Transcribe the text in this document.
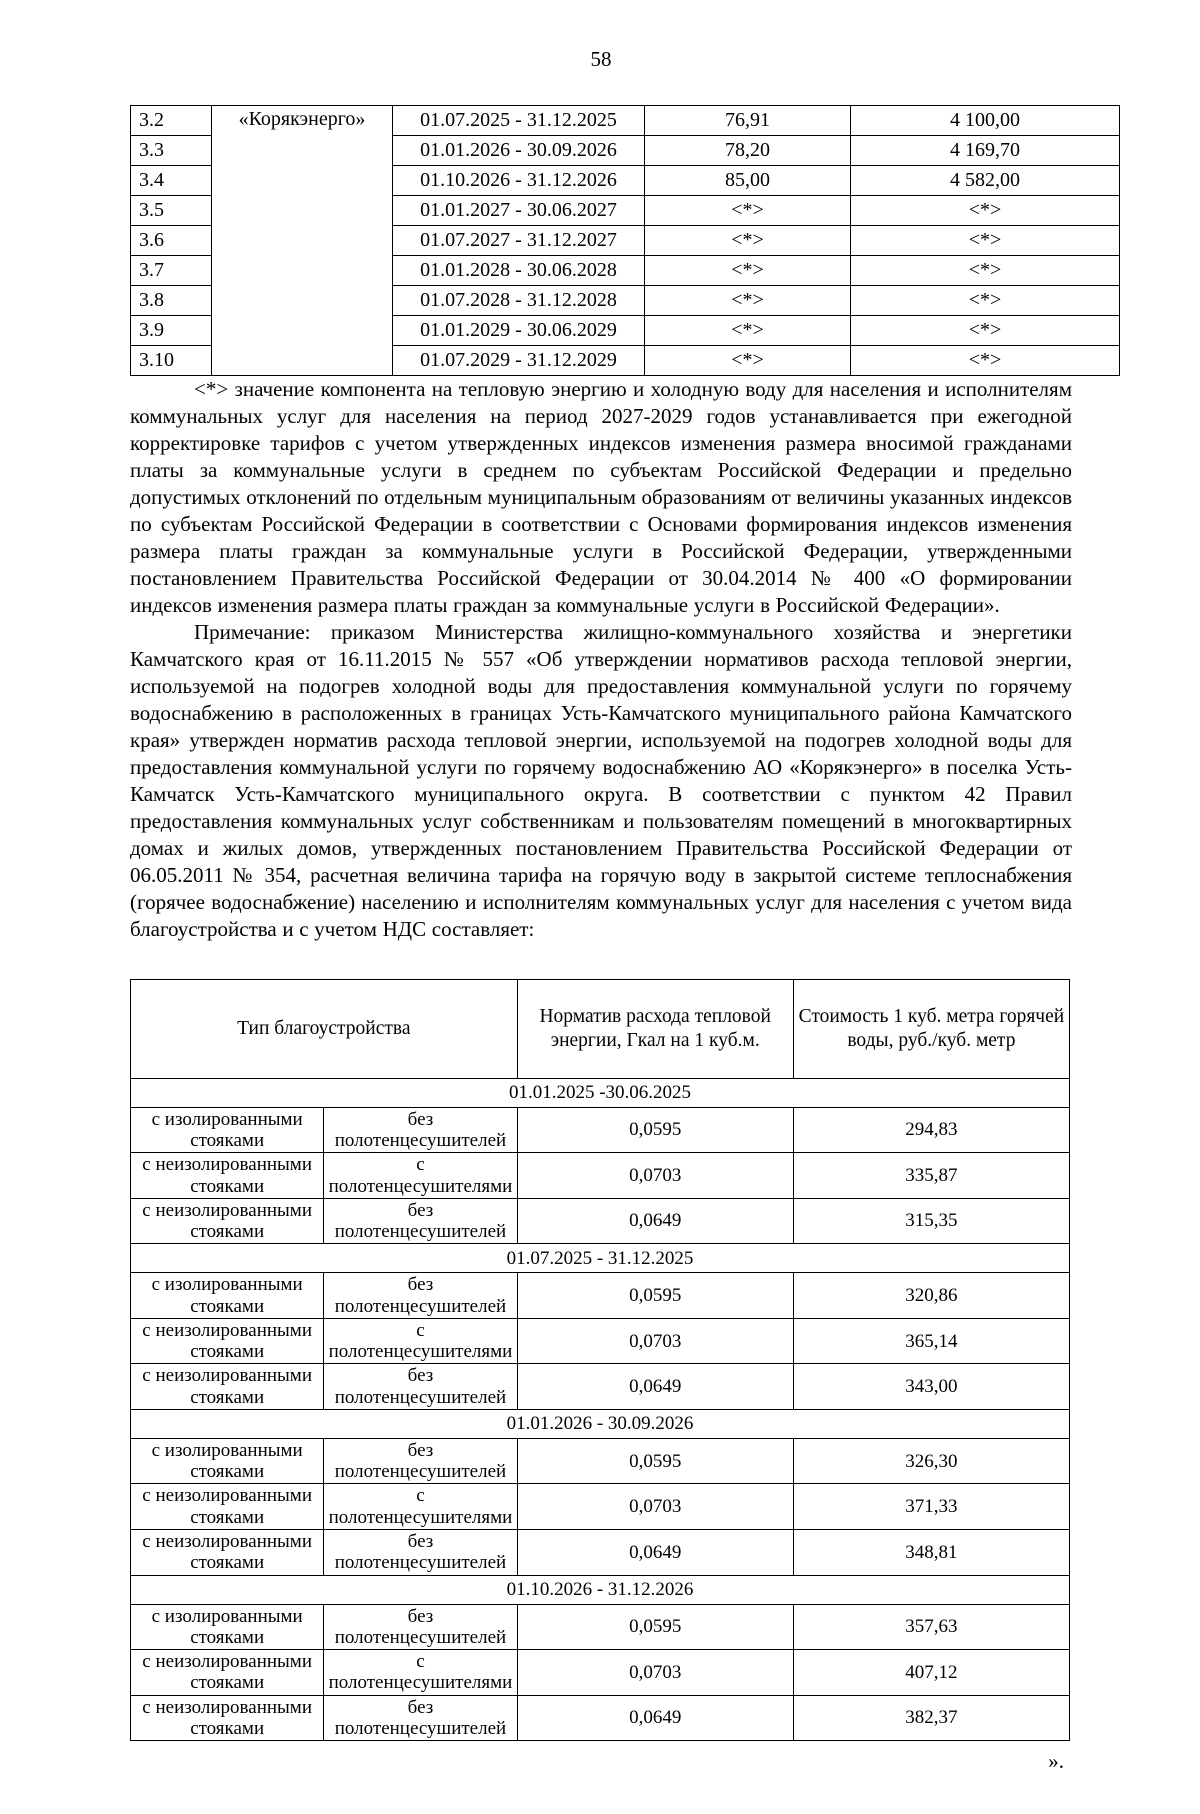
58
3.2	«Корякэнерго»	01.07.2025 - 31.12.2025	76,91	4 100,00
3.3		01.01.2026 - 30.09.2026	78,20	4 169,70
3.4		01.10.2026 - 31.12.2026	85,00	4 582,00
3.5		01.01.2027 - 30.06.2027	<*>	<*>
3.6		01.07.2027 - 31.12.2027	<*>	<*>
3.7		01.01.2028 - 30.06.2028	<*>	<*>
3.8		01.07.2028 - 31.12.2028	<*>	<*>
3.9		01.01.2029 - 30.06.2029	<*>	<*>
3.10		01.07.2029 - 31.12.2029	<*>	<*>

<*> значение компонента на тепловую энергию и холодную воду для населения и исполнителям коммунальных услуг для населения на период 2027-2029 годов устанавливается при ежегодной корректировке тарифов с учетом утвержденных индексов изменения размера вносимой гражданами платы за коммунальные услуги в среднем по субъектам Российской Федерации и предельно допустимых отклонений по отдельным муниципальным образованиям от величины указанных индексов по субъектам Российской Федерации в соответствии с Основами формирования индексов изменения размера платы граждан за коммунальные услуги в Российской Федерации, утвержденными постановлением Правительства Российской Федерации от 30.04.2014 № 400 «О формировании индексов изменения размера платы граждан за коммунальные услуги в Российской Федерации».

Примечание: приказом Министерства жилищно-коммунального хозяйства и энергетики Камчатского края от 16.11.2015 № 557 «Об утверждении нормативов расхода тепловой энергии, используемой на подогрев холодной воды для предоставления коммунальной услуги по горячему водоснабжению в расположенных в границах Усть-Камчатского муниципального района Камчатского края» утвержден норматив расхода тепловой энергии, используемой на подогрев холодной воды для предоставления коммунальной услуги по горячему водоснабжению АО «Корякэнерго» в поселка Усть-Камчатск Усть-Камчатского муниципального округа. В соответствии с пунктом 42 Правил предоставления коммунальных услуг собственникам и пользователям помещений в многоквартирных домах и жилых домов, утвержденных постановлением Правительства Российской Федерации от 06.05.2011 № 354, расчетная величина тарифа на горячую воду в закрытой системе теплоснабжения (горячее водоснабжение) населению и исполнителям коммунальных услуг для населения с учетом вида благоустройства и с учетом НДС составляет:

Тип благоустройства		Норматив расхода тепловой энергии, Гкал на 1 куб.м.	Стоимость 1 куб. метра горячей воды, руб./куб. метр
01.01.2025 -30.06.2025			
с изолированными стояками	без полотенцесушителей	0,0595	294,83
с неизолированными стояками	с полотенцесушителями	0,0703	335,87
с неизолированными стояками	без полотенцесушителей	0,0649	315,35
01.07.2025 - 31.12.2025			
с изолированными стояками	без полотенцесушителей	0,0595	320,86
с неизолированными стояками	с полотенцесушителями	0,0703	365,14
с неизолированными стояками	без полотенцесушителей	0,0649	343,00
01.01.2026 - 30.09.2026			
с изолированными стояками	без полотенцесушителей	0,0595	326,30
с неизолированными стояками	с полотенцесушителями	0,0703	371,33
с неизолированными стояками	без полотенцесушителей	0,0649	348,81
01.10.2026 - 31.12.2026			
с изолированными стояками	без полотенцесушителей	0,0595	357,63
с неизолированными стояками	с полотенцесушителями	0,0703	407,12
с неизолированными стояками	без полотенцесушителей	0,0649	382,37
».
